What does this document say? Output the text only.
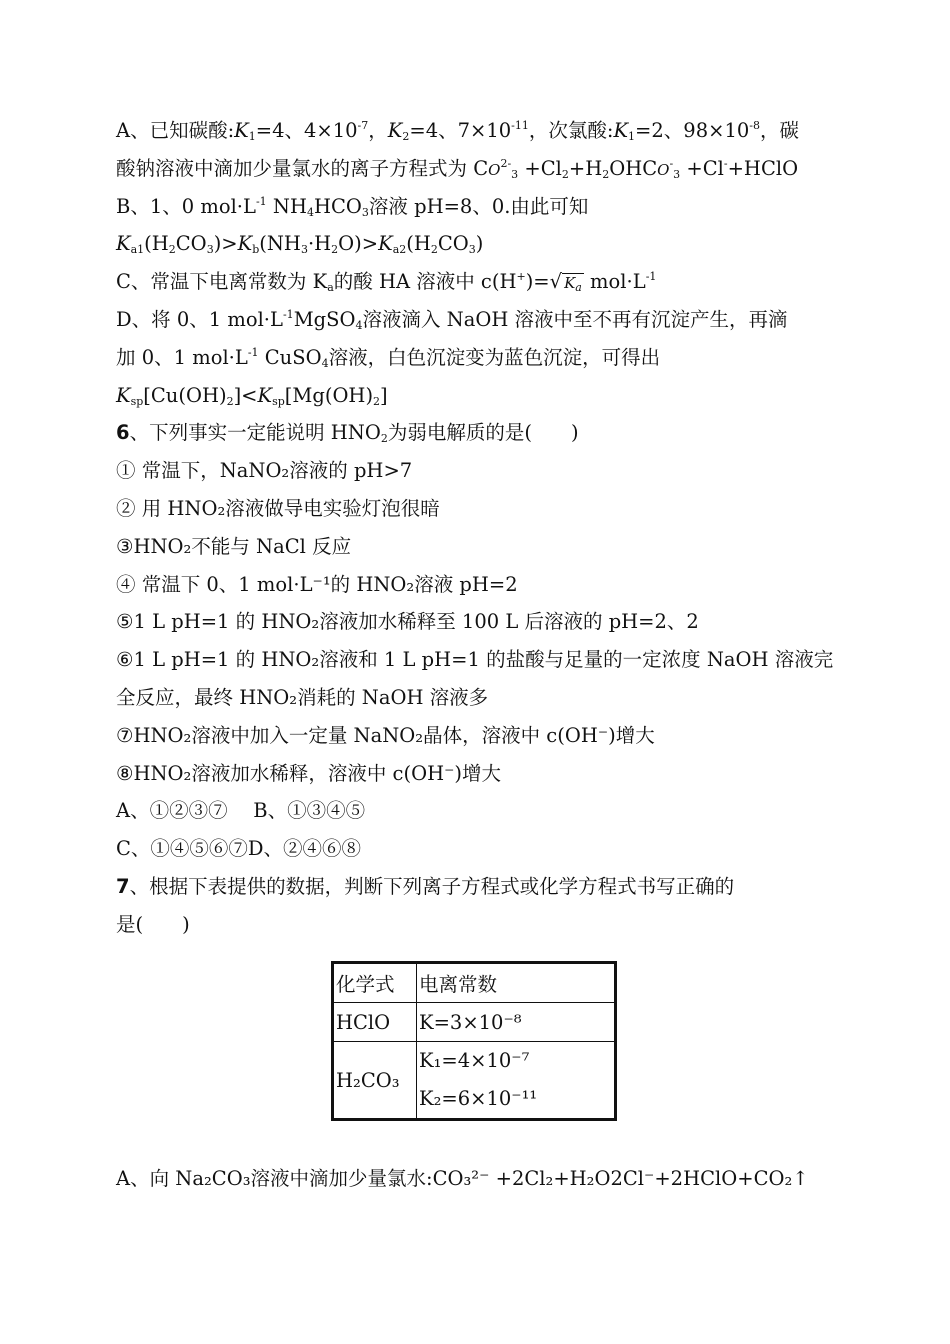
A、已知碳酸$:K_1=4$、$4\times 10^{-7}$，$K_2=4$、$7\times 10^{-11}$，次氯酸$:K_1=2$、$98\times 10^{-8}$，碳
酸钠溶液中滴加少量氯水的离子方程式为 $CO^{2-}_3$ $+Cl_2+H_2OHCO^-_3$ +Cl-+HClO
B、1、0 $mol\cdot L^{-1}$ $NH_4HCO_3$溶液 pH=8、0.由此可知
$K_{a1}(H_2CO_3)>K_b(NH_3\cdot H_2O)>K_{a2}(H_2CO_3)$
C、常温下电离常数为 $K_a$的酸 HA 溶液中 c(H+)=√ $K_a$ $mol\cdot L^{-1}$
D、将 0、1 $mol\cdot L^{-1}MgSO_4$溶液滴入 NaOH 溶液中至不再有沉淀产生，再滴
加 0、1 $mol\cdot L^{-1}$ CuSO$_4$溶液，白色沉淀变为蓝色沉淀，可得出
$K_{sp}[Cu(OH)_2]<K_{sp}[Mg(OH)_2]$
6、下列事实一定能说明 $HNO_2$为弱电解质的是(　　)
① 常温下，NaNO₂溶液的 pH>7
② 用 HNO₂溶液做导电实验灯泡很暗
③HNO₂不能与 NaCl 反应
④ 常温下 0、1 mol·L⁻¹的 HNO₂溶液 pH=2
⑤1 L pH=1 的 HNO₂溶液加水稀释至 100 L 后溶液的 pH=2、2
⑥1 L pH=1 的 HNO₂溶液和 1 L pH=1 的盐酸与足量的一定浓度 NaOH 溶液完
全反应，最终 HNO₂消耗的 NaOH 溶液多
⑦HNO₂溶液中加入一定量 NaNO₂晶体，溶液中 c(OH⁻)增大
⑧HNO₂溶液加水稀释，溶液中 c(OH⁻)增大
A、①②③⑦　 B、①③④⑤
C、①④⑤⑥⑦D、②④⑥⑧
7、根据下表提供的数据，判断下列离子方程式或化学方程式书写正确的
是(　　)
化学式	电离常数
HClO	K=3×10⁻⁸
H₂CO₃	K₁=4×10⁻⁷
K₂=6×10⁻¹¹
A、向 Na₂CO₃溶液中滴加少量氯水:CO₃²⁻ +2Cl₂+H₂O2Cl⁻+2HClO+CO₂↑
